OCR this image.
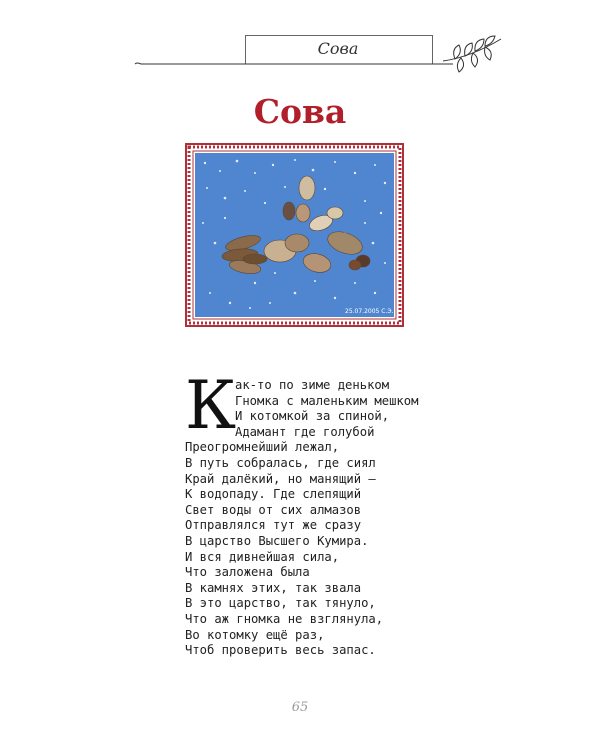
Сова
Сова
25.07.2005 С.Э.
К
ак-то по зиме деньком
Гномка с маленьким мешком
И котомкой за спиной,
Адамант где голубой
Преогромнейший лежал,
В путь собралась, где сиял
Край далёкий, но манящий –
К водопаду. Где слепящий
Свет воды от сих алмазов
Отправлялся тут же сразу
В царство Высшего Кумира.
И вся дивнейшая сила,
Что заложена была
В камнях этих, так звала
В это царство, так тянуло,
Что аж гномка не взглянула,
Во котомку ещё раз,
Чтоб проверить весь запас.
65
